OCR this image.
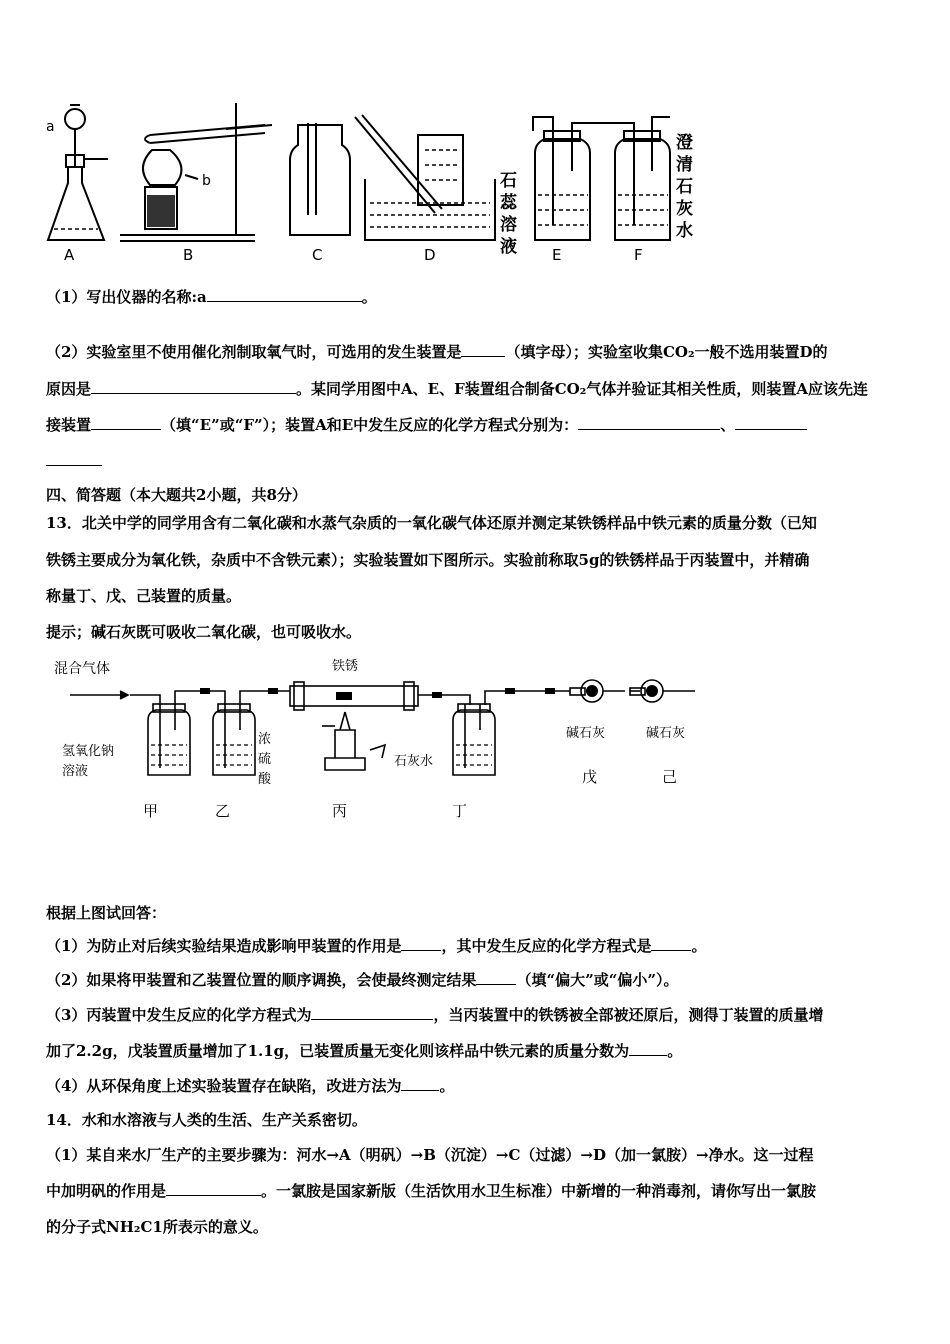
a
b
A	B	C	D	E	F
石
蕊
溶
液
澄
清
石
灰
水
（1）写出仪器的名称:a	。
（2）实验室里不使用催化剂制取氧气时，可选用的发生装置是	（填字母）；实验室收集CO₂一般不选用装置D的
原因是	。某同学用图中A、E、F装置组合制备CO₂气体并验证其相关性质，则装置A应该先连
接装置	（填“E”或“F”）；装置A和E中发生反应的化学方程式分别为：	、
四、简答题（本大题共2小题，共8分）
13．北关中学的同学用含有二氧化碳和水蒸气杂质的一氧化碳气体还原并测定某铁锈样品中铁元素的质量分数（已知
铁锈主要成分为氧化铁，杂质中不含铁元素）；实验装置如下图所示。实验前称取5g的铁锈样品于丙装置中，并精确
称量丁、戊、己装置的质量。
提示；碱石灰既可吸收二氧化碳，也可吸收水。
混合气体	铁锈
氢氧化钠
溶液
浓
硫
酸
石灰水
碱石灰	碱石灰
甲	乙	丙	丁
戊	己
根据上图试回答：
（1）为防止对后续实验结果造成影响甲装置的作用是	，其中发生反应的化学方程式是	。
（2）如果将甲装置和乙装置位置的顺序调换，会使最终测定结果	（填“偏大”或“偏小”）。
（3）丙装置中发生反应的化学方程式为	，当丙装置中的铁锈被全部被还原后，测得丁装置的质量增
加了2.2g，戊装置质量增加了1.1g，已装置质量无变化则该样品中铁元素的质量分数为	。
（4）从环保角度上述实验装置存在缺陷，改进方法为	。
14．水和水溶液与人类的生活、生产关系密切。
（1）某自来水厂生产的主要步骤为：河水→A（明矾）→B（沉淀）→C（过滤）→D（加一氯胺）→净水。这一过程
中加明矾的作用是	。一氯胺是国家新版（生活饮用水卫生标准）中新增的一种消毒剂，请你写出一氯胺
的分子式NH₂C1所表示的意义。
